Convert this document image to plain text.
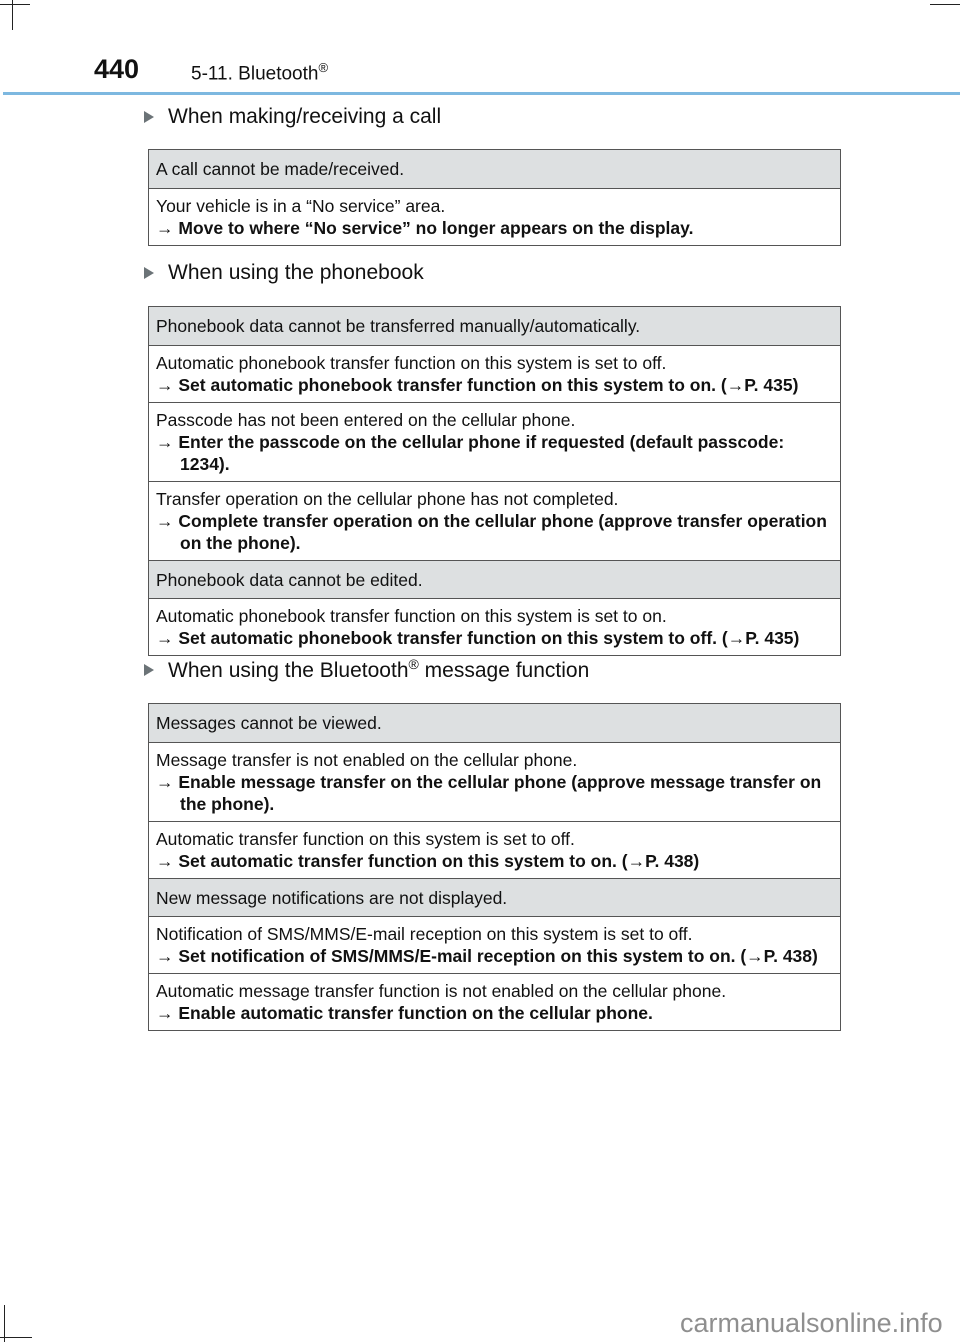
440	5-11. Bluetooth®
When making/receiving a call
A call cannot be made/received.
Your vehicle is in a “No service” area.
→ Move to where “No service” no longer appears on the display.
When using the phonebook
Phonebook data cannot be transferred manually/automatically.
Automatic phonebook transfer function on this system is set to off.
→ Set automatic phonebook transfer function on this system to on. (→P. 435)
Passcode has not been entered on the cellular phone.
→ Enter the passcode on the cellular phone if requested (default passcode: 1234).
Transfer operation on the cellular phone has not completed.
→ Complete transfer operation on the cellular phone (approve transfer operation on the phone).
Phonebook data cannot be edited.
Automatic phonebook transfer function on this system is set to on.
→ Set automatic phonebook transfer function on this system to off. (→P. 435)
When using the Bluetooth® message function
Messages cannot be viewed.
Message transfer is not enabled on the cellular phone.
→ Enable message transfer on the cellular phone (approve message transfer on the phone).
Automatic transfer function on this system is set to off.
→ Set automatic transfer function on this system to on. (→P. 438)
New message notifications are not displayed.
Notification of SMS/MMS/E-mail reception on this system is set to off.
→ Set notification of SMS/MMS/E-mail reception on this system to on. (→P. 438)
Automatic message transfer function is not enabled on the cellular phone.
→ Enable automatic transfer function on the cellular phone.
carmanualsonline.info
